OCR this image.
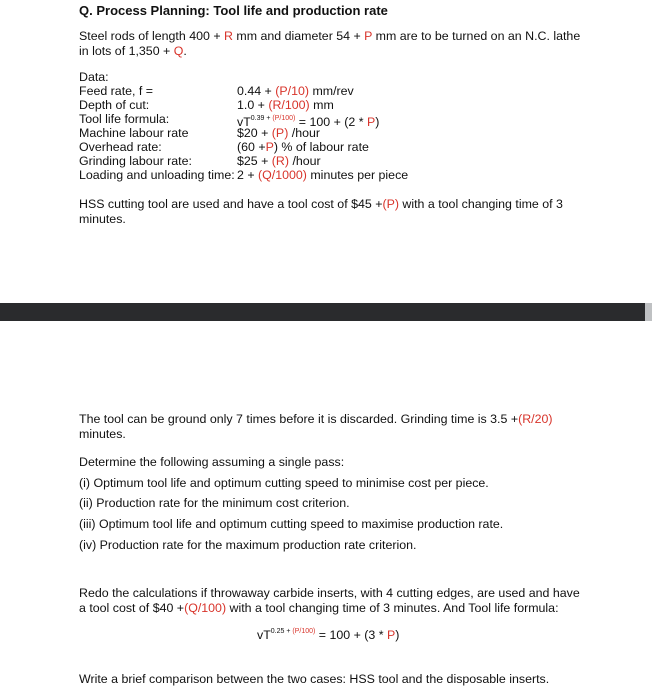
Q. Process Planning: Tool life and production rate
Steel rods of length 400 + R mm and diameter 54 + P mm are to be turned on an N.C. lathe in lots of 1,350 + Q.
Data:
Feed rate, f =	0.44 + (P/10) mm/rev
Depth of cut:	1.0 + (R/100) mm
Tool life formula:	$vT^{0.39 + (P/100)} = 100 + (2 * P)$
Machine labour rate	$20 + (P) /hour
Overhead rate:	(60 +P) % of labour rate
Grinding labour rate:	$25 + (R) /hour
Loading and unloading time: 2 + (Q/1000) minutes per piece
HSS cutting tool are used and have a tool cost of $45 +(P) with a tool changing time of 3 minutes.
The tool can be ground only 7 times before it is discarded. Grinding time is 3.5 +(R/20) minutes.
Determine the following assuming a single pass:
(i) Optimum tool life and optimum cutting speed to minimise cost per piece.
(ii) Production rate for the minimum cost criterion.
(iii) Optimum tool life and optimum cutting speed to maximise production rate.
(iv) Production rate for the maximum production rate criterion.
Redo the calculations if throwaway carbide inserts, with 4 cutting edges, are used and have a tool cost of $40 +(Q/100) with a tool changing time of 3 minutes. And Tool life formula:
$vT^{0.25 + (P/100)} = 100 + (3 * P)$
Write a brief comparison between the two cases: HSS tool and the disposable inserts.
